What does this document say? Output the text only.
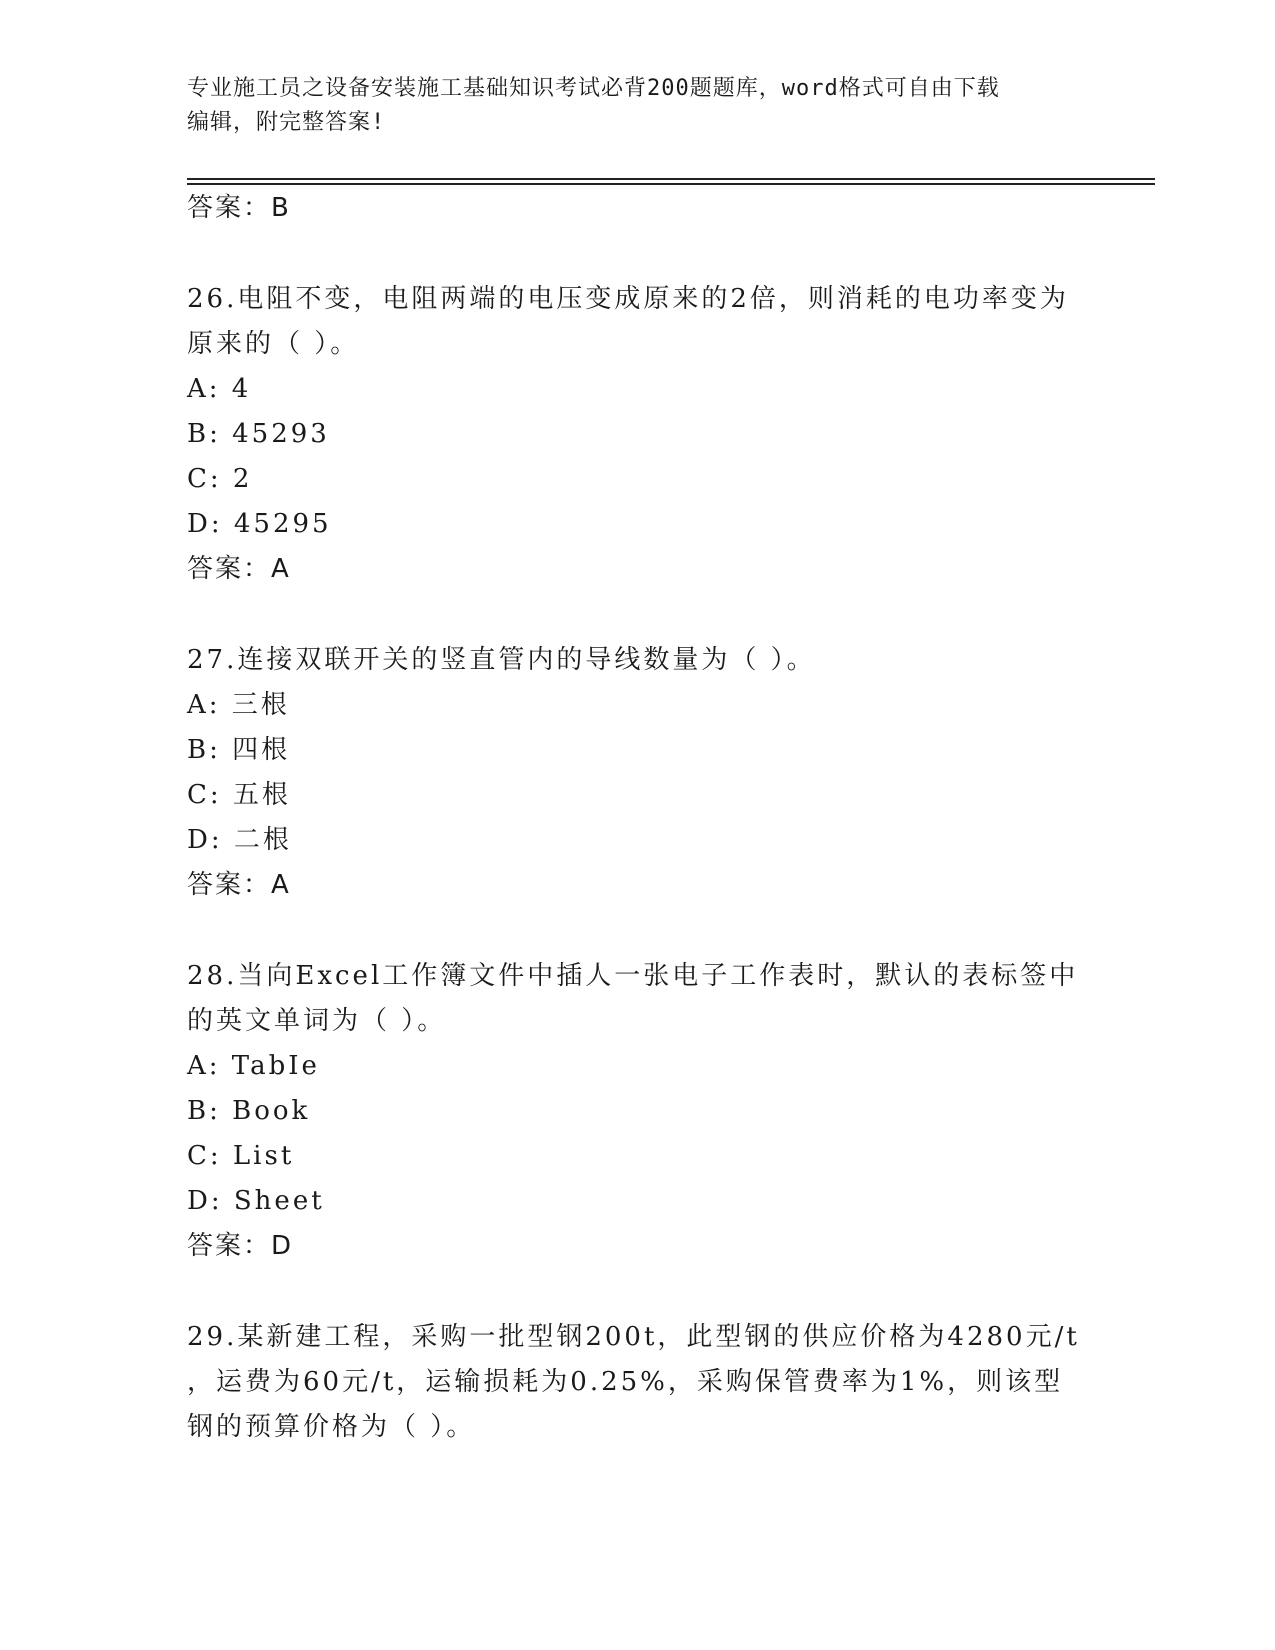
专业施工员之设备安装施工基础知识考试必背200题题库，word格式可自由下载
编辑，附完整答案!
答案：B
26.电阻不变，电阻两端的电压变成原来的2倍，则消耗的电功率变为
原来的（ ）。
A: 4
B: 45293
C: 2
D: 45295
答案：A
27.连接双联开关的竖直管内的导线数量为（ ）。
A: 三根
B: 四根
C: 五根
D: 二根
答案：A
28.当向Excel工作簿文件中插人一张电子工作表时，默认的表标签中
的英文单词为（ ）。
A: TabIe
B: Book
C: List
D: Sheet
答案：D
29.某新建工程，采购一批型钢200t，此型钢的供应价格为4280元/t
，运费为60元/t，运输损耗为0.25%，采购保管费率为1%，则该型
钢的预算价格为（ ）。
